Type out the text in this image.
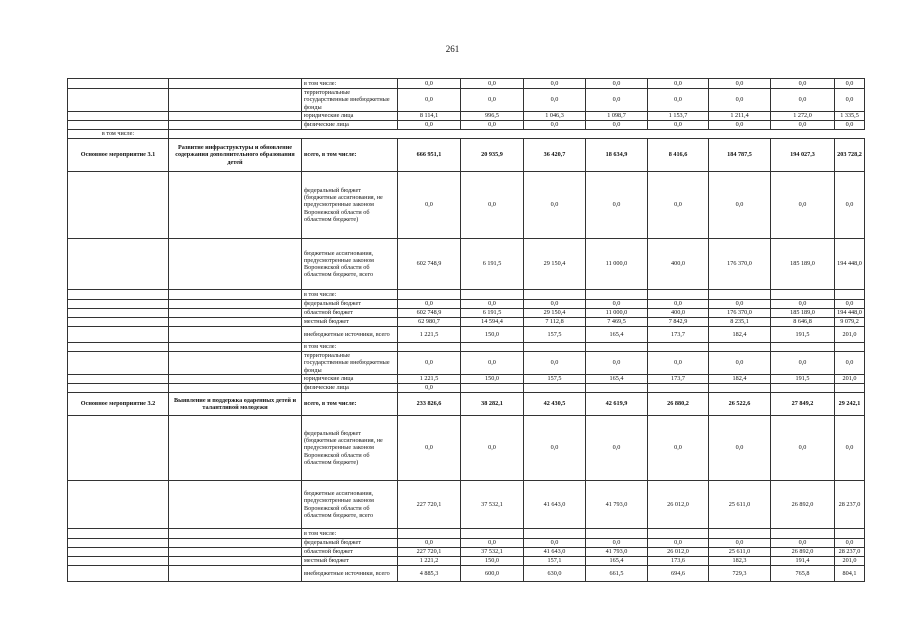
261
		в том числе:	0,0	0,0	0,0	0,0	0,0	0,0	0,0	0,0	
		территориальные государственные внебюджетные фонды	0,0	0,0	0,0	0,0	0,0	0,0	0,0	0,0	
		юридические лица	8 114,1	996,5	1 046,3	1 098,7	1 153,7	1 211,4	1 272,0	1 335,5	
		физические лица	0,0	0,0	0,0	0,0	0,0	0,0	0,0	0,0	
в том числе:											
Основное мероприятие 3.1	Развитие инфраструктуры и обновление содержания дополнительного образования детей	всего, в том числе:	666 951,1	20 935,9	36 420,7	18 634,9	8 416,6	184 787,5	194 027,3	203 728,2	
		федеральный бюджет (бюджетные ассигнования, не предусмотренные законом Воронежской области об областном бюджете)	0,0	0,0	0,0	0,0	0,0	0,0	0,0	0,0	
		бюджетные ассигнования, предусмотренные законом Воронежской области об областном бюджете, всего	602 748,9	6 191,5	29 150,4	11 000,0	400,0	176 370,0	185 189,0	194 448,0	
		в том числе:									
		федеральный бюджет	0,0	0,0	0,0	0,0	0,0	0,0	0,0	0,0	
		областной бюджет	602 748,9	6 191,5	29 150,4	11 000,0	400,0	176 370,0	185 189,0	194 448,0	
		местный бюджет	62 980,7	14 594,4	7 112,8	7 469,5	7 842,9	8 235,1	8 646,8	9 079,2	
		внебюджетные источники, всего	1 221,5	150,0	157,5	165,4	173,7	182,4	191,5	201,0	
		в том числе:									
		территориальные государственные внебюджетные фонды	0,0	0,0	0,0	0,0	0,0	0,0	0,0	0,0	
		юридические лица	1 221,5	150,0	157,5	165,4	173,7	182,4	191,5	201,0	
		физические лица	0,0								
Основное мероприятие 3.2	Выявление и поддержка одаренных детей и талантливой молодежи	всего, в том числе:	233 826,6	38 282,1	42 430,5	42 619,9	26 880,2	26 522,6	27 849,2	29 242,1	
		федеральный бюджет (бюджетные ассигнования, не предусмотренные законом Воронежской области об областном бюджете)	0,0	0,0	0,0	0,0	0,0	0,0	0,0	0,0	
		бюджетные ассигнования, предусмотренные законом Воронежской области об областном бюджете, всего	227 720,1	37 532,1	41 643,0	41 793,0	26 012,0	25 611,0	26 892,0	28 237,0	
		в том числе:									
		федеральный бюджет	0,0	0,0	0,0	0,0	0,0	0,0	0,0	0,0	
		областной бюджет	227 720,1	37 532,1	41 643,0	41 793,0	26 012,0	25 611,0	26 892,0	28 237,0	
		местный бюджет	1 221,2	150,0	157,1	165,4	173,6	182,3	191,4	201,0	
		внебюджетные источники, всего	4 885,3	600,0	630,0	661,5	694,6	729,3	765,8	804,1	
